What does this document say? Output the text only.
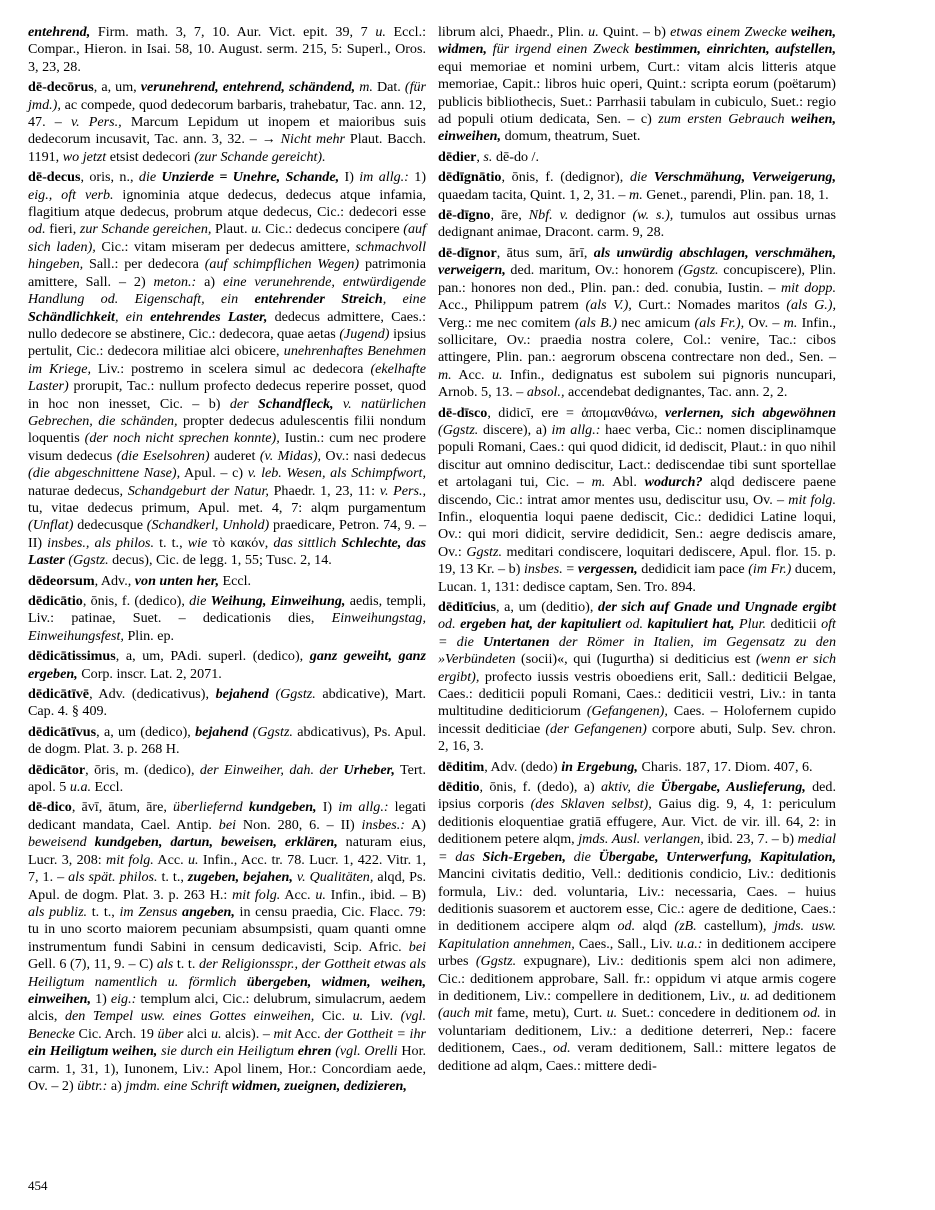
entehrend, Firm. math. 3, 7, 10. Aur. Vict. epit. 39, 7 u. Eccl.: Compar., Hieron. in Isai. 58, 10. August. serm. 215, 5: Superl., Oros. 3, 23, 28.
dē-decōrus, a, um, verunehrend, entehrend, schändend, m. Dat. (für jmd.), ac compede, quod dedecorum barbaris, trahebatur, Tac. ann. 12, 47. – v. Pers., Marcum Lepidum ut inopem et maioribus suis dedecorum incusavit, Tac. ann. 3, 32. – → Nicht mehr Plaut. Bacch. 1191, wo jetzt etsist dedecori (zur Schande gereicht).
dē-decus, oris, n., die Unzierde = Unehre, Schande, I) im allg.: 1) eig., oft verb. ignominia atque dedecus, dedecus atque infamia, flagitium atque dedecus, probrum atque dedecus, Cic.: dedecori esse od. fieri, zur Schande gereichen, Plaut. u. Cic.: dedecus concipere (auf sich laden), Cic.: vitam miseram per dedecus amittere, schmachvoll hingeben, Sall.: per dedecora (auf schimpflichen Wegen) patrimonia amittere, Sall. – 2) meton.: a) eine verunehrende, entwürdigende Handlung od. Eigenschaft, ein entehrender Streich, eine Schändlichkeit, ein entehrendes Laster, dedecus admittere, Caes.: nullo dedecore se abstinere, Cic.: dedecora, quae aetas (Jugend) ipsius pertulit, Cic.: dedecora militiae alci obicere, unehrenhaftes Benehmen im Kriege, Liv.: postremo in scelera simul ac dedecora (ekelhafte Laster) prorupit, Tac.: nullum profecto dedecus reperire posset, quod in hoc non inesset, Cic. – b) der Schandfleck, v. natürlichen Gebrechen, die schänden, propter dedecus adulescentis filii nondum loquentis (der noch nicht sprechen konnte), Iustin.: cum nec prodere visum dedecus (die Eselsohren) auderet (v. Midas), Ov.: nasi dedecus (die abgeschnittene Nase), Apul. – c) v. leb. Wesen, als Schimpfwort, naturae dedecus, Schandgeburt der Natur, Phaedr. 1, 23, 11: v. Pers., tu, vitae dedecus primum, Apul. met. 4, 7: alqm purgamentum (Unflat) dedecusque (Schandkerl, Unhold) praedicare, Petron. 74, 9. – II) insbes., als philos. t. t., wie τὸ κακόν, das sittlich Schlechte, das Laster (Ggstz. decus), Cic. de legg. 1, 55; Tusc. 2, 14.
dēdeorsum, Adv., von unten her, Eccl.
dēdicātio, ōnis, f. (dedico), die Weihung, Einweihung, aedis, templi, Liv.: patinae, Suet. – dedicationis dies, Einweihungstag, Einweihungsfest, Plin. ep.
dēdicātissimus, a, um, PAdi. superl. (dedico), ganz geweiht, ganz ergeben, Corp. inscr. Lat. 2, 2071.
dēdicātīvē, Adv. (dedicativus), bejahend (Ggstz. abdicative), Mart. Cap. 4. § 409.
dēdicātīvus, a, um (dedico), bejahend (Ggstz. abdicativus), Ps. Apul. de dogm. Plat. 3. p. 268 H.
dēdicātor, ōris, m. (dedico), der Einweiher, dah. der Urheber, Tert. apol. 5 u.a. Eccl.
dē-dico, āvī, ātum, āre, überliefernd kundgeben, I) im allg.: legati dedicant mandata, Cael. Antip. bei Non. 280, 6. – II) insbes.: A) beweisend kundgeben, dartun, beweisen, erklären, naturam eius, Lucr. 3, 208: mit folg. Acc. u. Infin., Acc. tr. 78. Lucr. 1, 422. Vitr. 1, 7, 1. – als spät. philos. t. t., zugeben, bejahen, v. Qualitäten, alqd, Ps. Apul. de dogm. Plat. 3. p. 263 H.: mit folg. Acc. u. Infin., ibid. – B) als publiz. t. t., im Zensus angeben, in censu praedia, Cic. Flacc. 79: tu in uno scorto maiorem pecuniam absumpsisti, quam quanti omne instrumentum fundi Sabini in censum dedicavisti, Scip. Afric. bei Gell. 6 (7), 11, 9. – C) als t. t. der Religionsspr., der Gottheit etwas als Heiligtum namentlich u. förmlich übergeben, widmen, weihen, einweihen, 1) eig.: templum alci, Cic.: delubrum, simulacrum, aedem alcis, den Tempel usw. eines Gottes einweihen, Cic. u. Liv. (vgl. Benecke Cic. Arch. 19 über alci u. alcis). – mit Acc. der Gottheit = ihr ein Heiligtum weihen, sie durch ein Heiligtum ehren (vgl. Orelli Hor. carm. 1, 31, 1), Iunonem, Liv.: Apol linem, Hor.: Concordiam aede, Ov. – 2) übtr.: a) jmdm. eine Schrift widmen, zueignen, dedizieren,
librum alci, Phaedr., Plin. u. Quint. – b) etwas einem Zwecke weihen, widmen, für irgend einen Zweck bestimmen, einrichten, aufstellen, equi memoriae et nomini urbem, Curt.: vitam alcis litteris atque memoriae, Capit.: libros huic operi, Quint.: scripta eorum (poëtarum) publicis bibliothecis, Suet.: Parrhasii tabulam in cubiculo, Suet.: regio ad populi otium dedicata, Sen. – c) zum ersten Gebrauch weihen, einweihen, domum, theatrum, Suet.
dēdier, s. dē-do /.
dēdīgnātio, ōnis, f. (dedignor), die Verschmähung, Verweigerung, quaedam tacita, Quint. 1, 2, 31. – m. Genet., parendi, Plin. pan. 18, 1.
dē-dīgno, āre, Nbf. v. dedignor (w. s.), tumulos aut ossibus urnas dedignant animae, Dracont. carm. 9, 28.
dē-dīgnor, ātus sum, ārī, als unwürdig abschlagen, verschmähen, verweigern, ded. maritum, Ov.: honorem (Ggstz. concupiscere), Plin. pan.: honores non ded., Plin. pan.: ded. conubia, Iustin. – mit dopp. Acc., Philippum patrem (als V.), Curt.: Nomades maritos (als G.), Verg.: me nec comitem (als B.) nec amicum (als Fr.), Ov. – m. Infin., sollicitare, Ov.: praedia nostra colere, Col.: venire, Tac.: cibos attingere, Plin. pan.: aegrorum obscena contrectare non ded., Sen. – m. Acc. u. Infin., dedignatus est subolem sui pignoris nuncupari, Arnob. 5, 13. – absol., accendebat dedignantes, Tac. ann. 2, 2.
dē-dīsco, didicī, ere = ἀπομανθάνω, verlernen, sich abgewöhnen (Ggstz. discere), a) im allg.: haec verba, Cic.: nomen disciplinamque populi Romani, Caes.: qui quod didicit, id dediscit, Plaut.: in quo nihil discitur aut omnino dediscitur, Lact.: dediscendae tibi sunt sportellae et artolagani tui, Cic. – m. Abl. wodurch? alqd dediscere paene discendo, Cic.: intrat amor mentes usu, dediscitur usu, Ov. – mit folg. Infin., eloquentia loqui paene dediscit, Cic.: dedidici Latine loqui, Ov.: qui mori didicit, servire dedidicit, Sen.: aegre dediscis amare, Ov.: Ggstz. meditari condiscere, loquitari dediscere, Apul. flor. 15. p. 19, 13 Kr. – b) insbes. = vergessen, dedidicit iam pace (im Fr.) ducem, Lucan. 1, 131: dedisce captam, Sen. Tro. 894.
dēditīcius, a, um (deditio), der sich auf Gnade und Ungnade ergibt od. ergeben hat, der kapituliert od. kapituliert hat, Plur. dediticii oft = die Untertanen der Römer in Italien, im Gegensatz zu den »Verbündeten (socii)«, qui (Iugurtha) si dediticius est (wenn er sich ergibt), profecto iussis vestris oboediens erit, Sall.: dediticii Belgae, Caes.: dediticii populi Romani, Caes.: dediticii vestri, Liv.: in tanta multitudine dediticiorum (Gefangenen), Caes. – Holofernem cupido incessit dediticiae (der Gefangenen) corpore abuti, Sulp. Sev. chron. 2, 16, 3.
dēditim, Adv. (dedo) in Ergebung, Charis. 187, 17. Diom. 407, 6.
dēditio, ōnis, f. (dedo), a) aktiv, die Übergabe, Auslieferung, ded. ipsius corporis (des Sklaven selbst), Gaius dig. 9, 4, 1: periculum deditionis eloquentiae gratiā effugere, Aur. Vict. de vir. ill. 64, 2: in deditionem petere alqm, jmds. Ausl. verlangen, ibid. 23, 7. – b) medial = das Sich-Ergeben, die Übergabe, Unterwerfung, Kapitulation, Mancini civitatis deditio, Vell.: deditionis condicio, Liv.: deditionis formula, Liv.: ded. voluntaria, Liv.: necessaria, Caes. – huius deditionis suasorem et auctorem esse, Cic.: agere de deditione, Caes.: in deditionem accipere alqm od. alqd (zB. castellum), jmds. usw. Kapitulation annehmen, Caes., Sall., Liv. u.a.: in deditionem accipere urbes (Ggstz. expugnare), Liv.: deditionis spem alci non adimere, Cic.: deditionem approbare, Sall. fr.: oppidum vi atque armis cogere in deditionem, Liv.: compellere in deditionem, Liv., u. ad deditionem (auch mit fame, metu), Curt. u. Suet.: concedere in deditionem od. in voluntariam deditionem, Liv.: a deditione deterreri, Nep.: facere deditionem, Caes., od. veram deditionem, Sall.: mittere legatos de deditione ad alqm, Caes.: mittere dedi-
454
